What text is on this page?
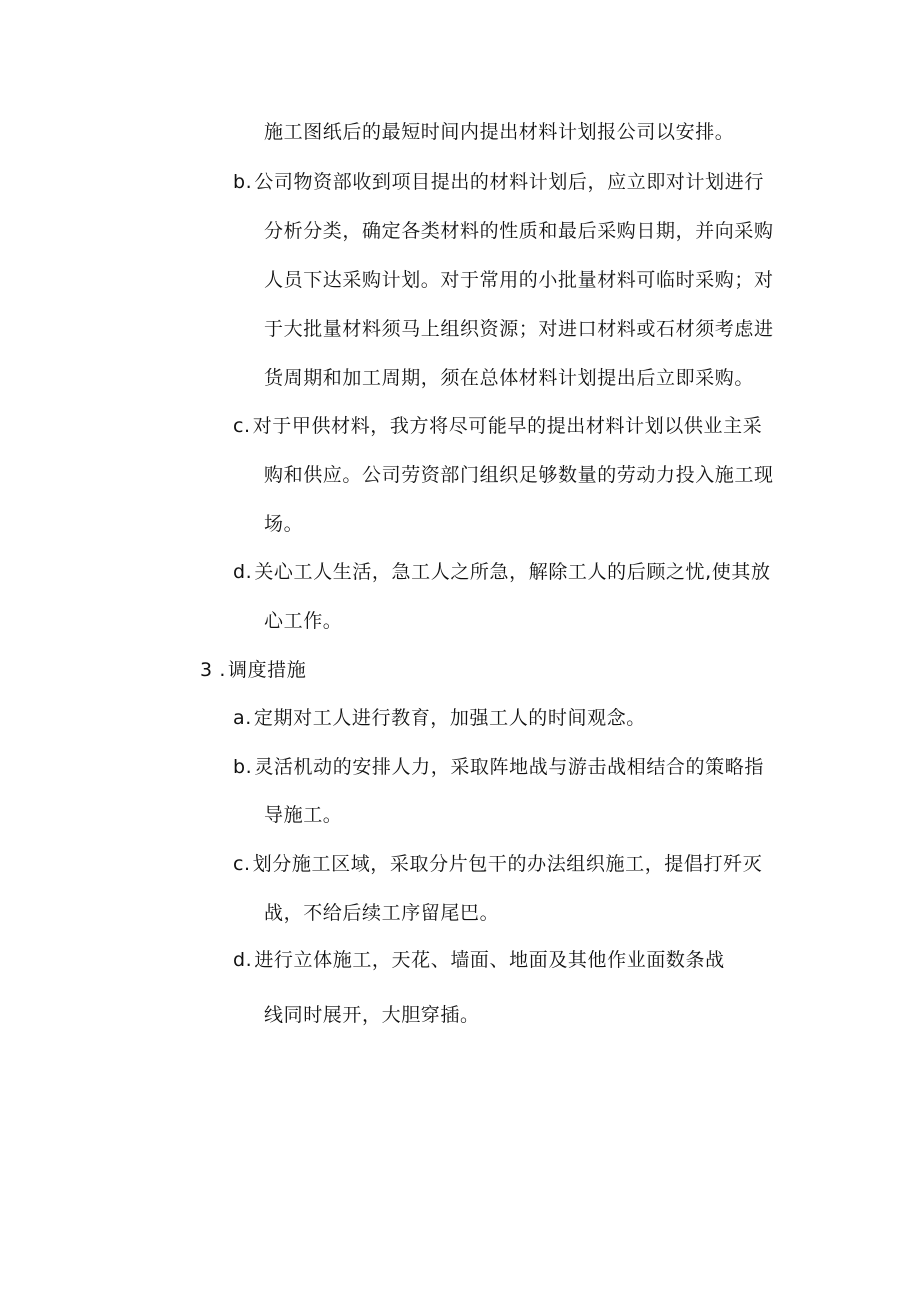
施工图纸后的最短时间内提出材料计划报公司以安排。
b. 公司物资部收到项目提出的材料计划后，应立即对计划进行
分析分类，确定各类材料的性质和最后采购日期，并向采购
人员下达采购计划。对于常用的小批量材料可临时采购；对
于大批量材料须马上组织资源；对进口材料或石材须考虑进
货周期和加工周期，须在总体材料计划提出后立即采购。
c. 对于甲供材料，我方将尽可能早的提出材料计划以供业主采
购和供应。公司劳资部门组织足够数量的劳动力投入施工现
场。
d. 关心工人生活，急工人之所急，解除工人的后顾之忧,使其放
心工作。
3 . 调度措施
a. 定期对工人进行教育，加强工人的时间观念。
b. 灵活机动的安排人力，采取阵地战与游击战相结合的策略指
导施工。
c. 划分施工区域，采取分片包干的办法组织施工，提倡打歼灭
战，不给后续工序留尾巴。
d. 进行立体施工，天花、墙面、地面及其他作业面数条战
线同时展开，大胆穿插。
